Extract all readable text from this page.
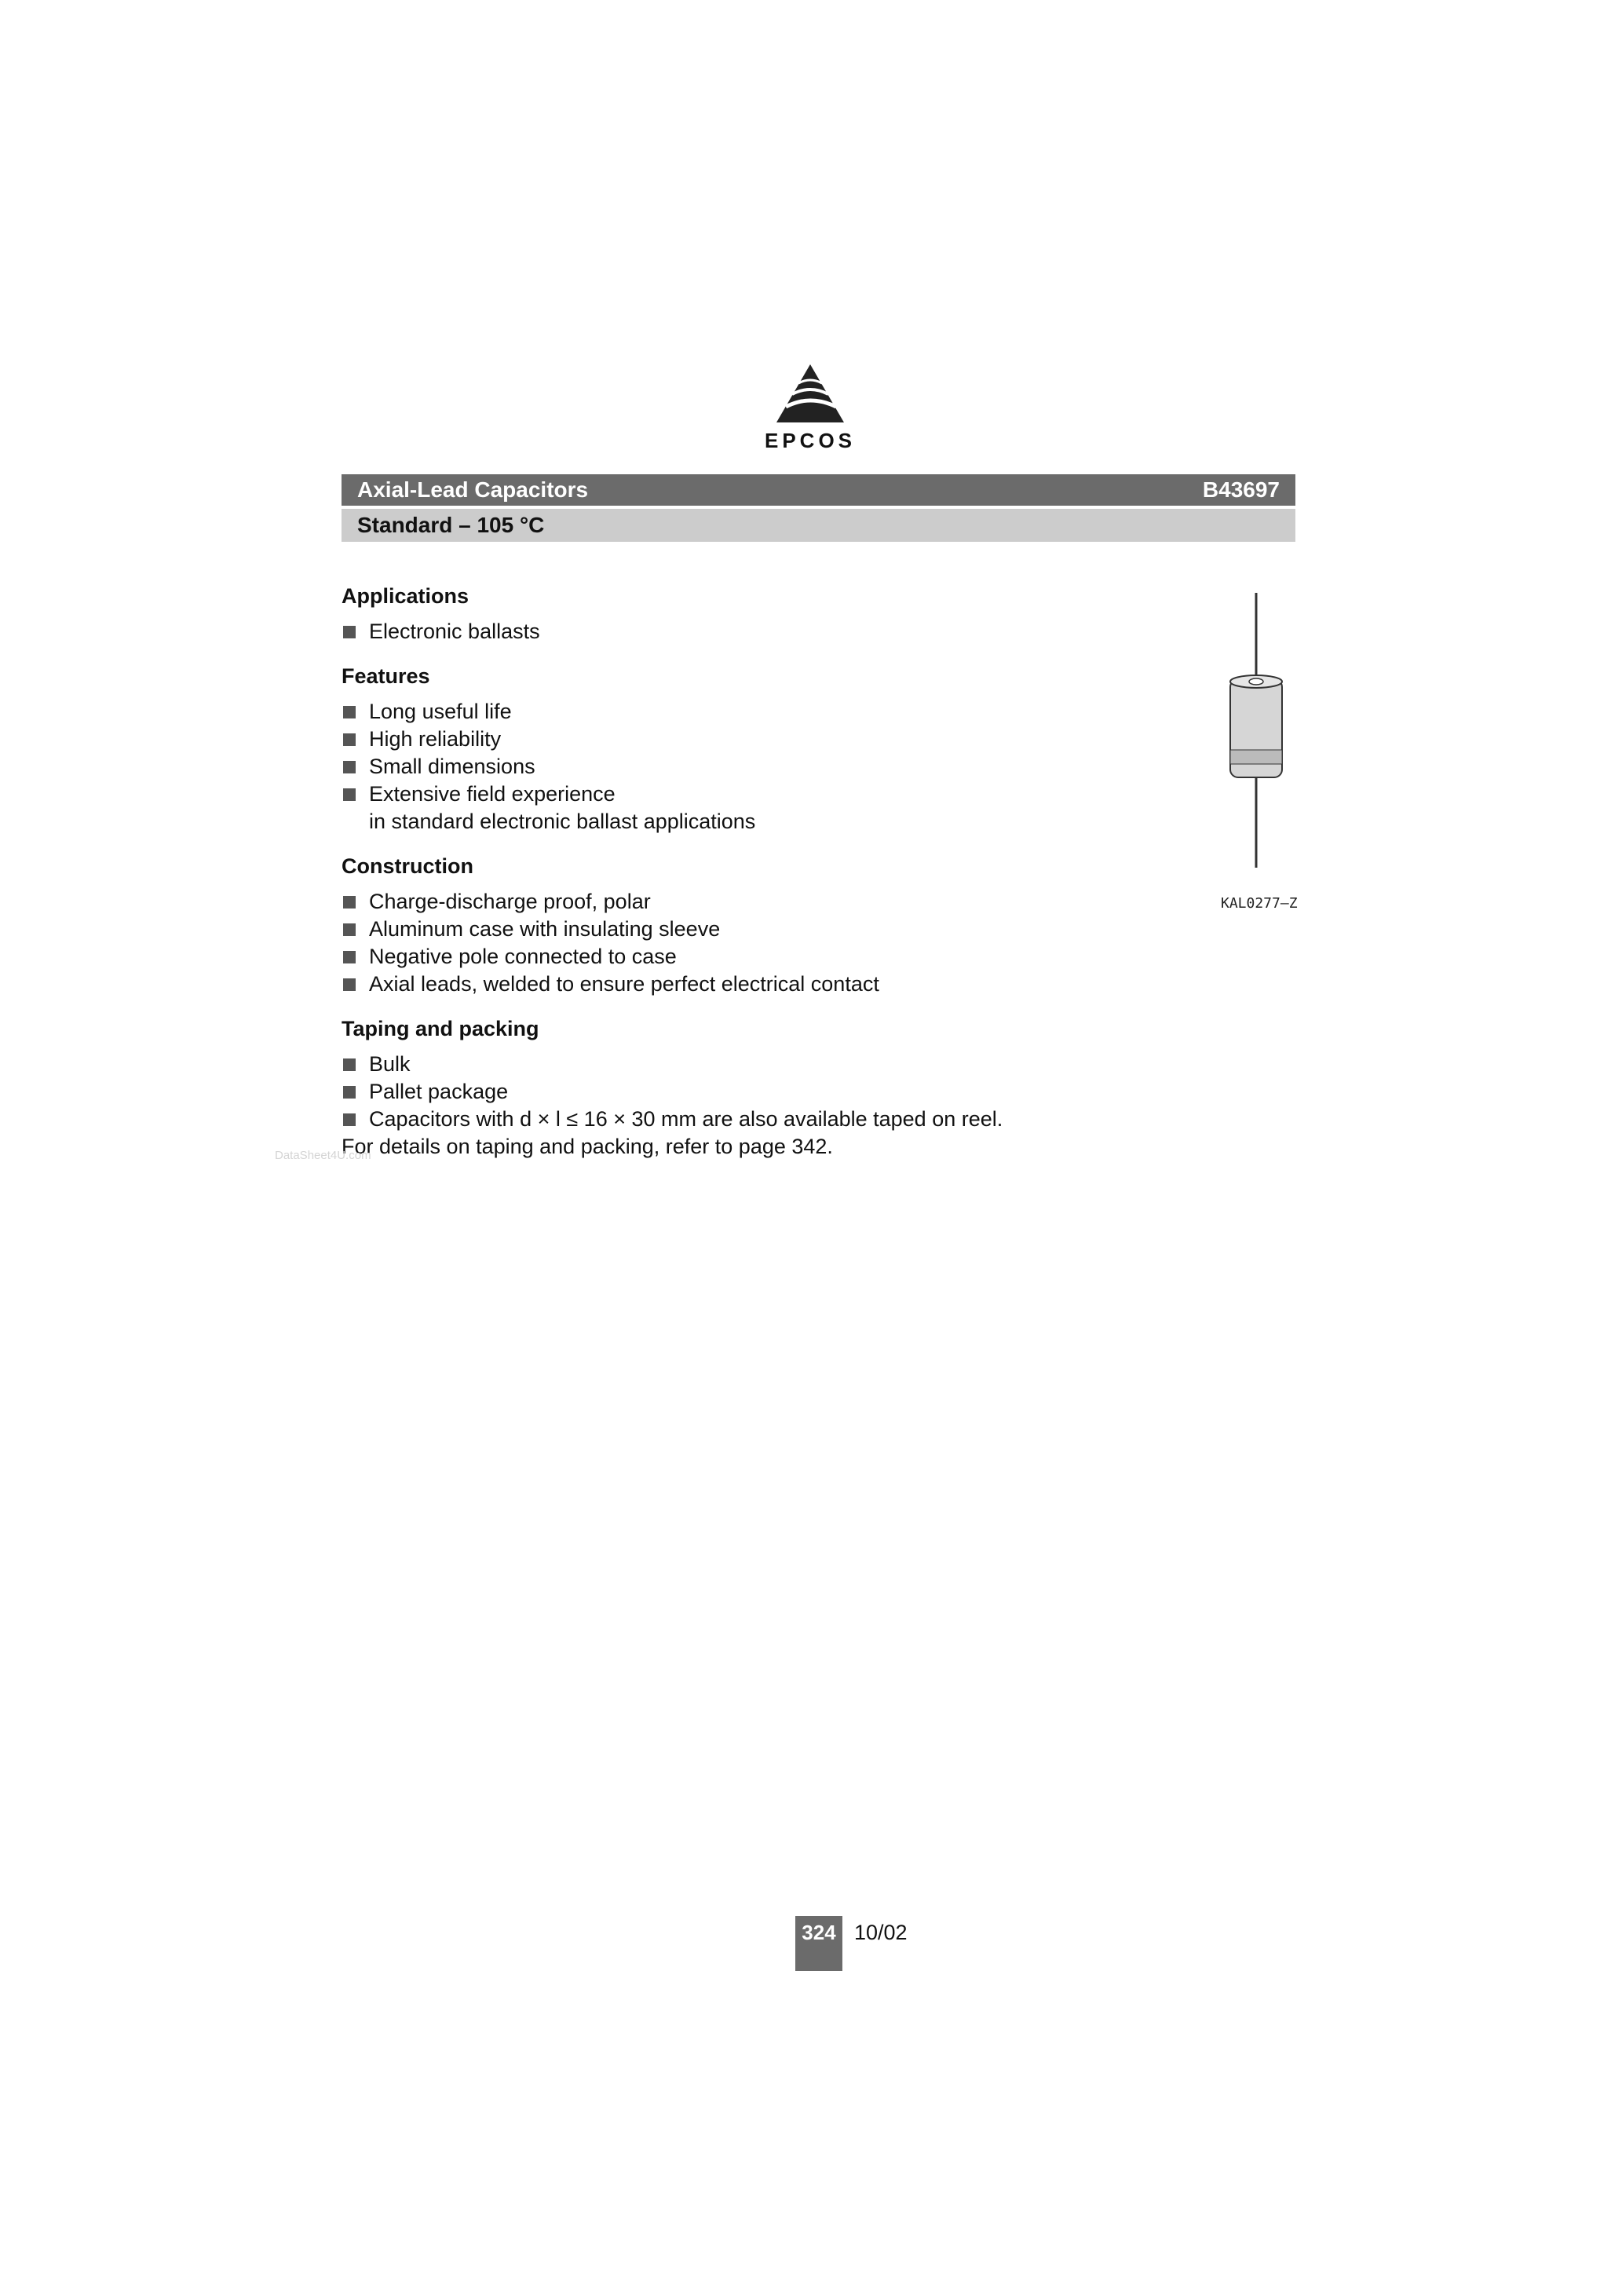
EPCOS
Axial-Lead Capacitors	B43697
Standard – 105 °C
Applications
Electronic ballasts
Features
Long useful life
High reliability
Small dimensions
Extensive field experience
in standard electronic ballast applications
Construction
Charge-discharge proof, polar
Aluminum case with insulating sleeve
Negative pole connected to case
Axial leads, welded to ensure perfect electrical contact
Taping and packing
Bulk
Pallet package
Capacitors with d × l ≤ 16 × 30 mm are also available taped on reel.
For details on taping and packing, refer to page 342.
KAL0277–Z
DataSheet4U.com
324 10/02
